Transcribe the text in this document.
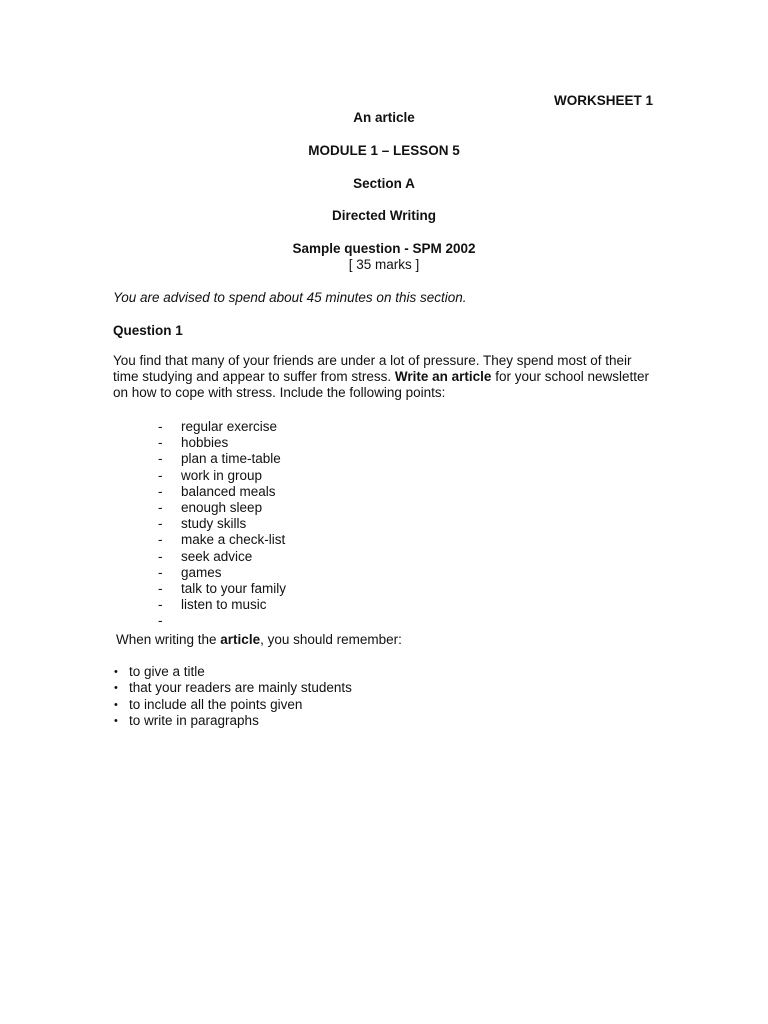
WORKSHEET 1

An article

MODULE 1 – LESSON 5

Section A

Directed Writing

Sample question - SPM 2002

[ 35 marks ]

You are advised to spend about 45 minutes on this section.

Question 1

You find that many of your friends are under a lot of pressure. They spend most of their time studying and appear to suffer from stress. Write an article for your school newsletter on how to cope with stress. Include the following points:

- regular exercise
- hobbies
- plan a time-table
- work in group
- balanced meals
- enough sleep
- study skills
- make a check-list
- seek advice
- games
- talk to your family
- listen to music
-

When writing the article, you should remember:

• to give a title
• that your readers are mainly students
• to include all the points given
• to write in paragraphs
